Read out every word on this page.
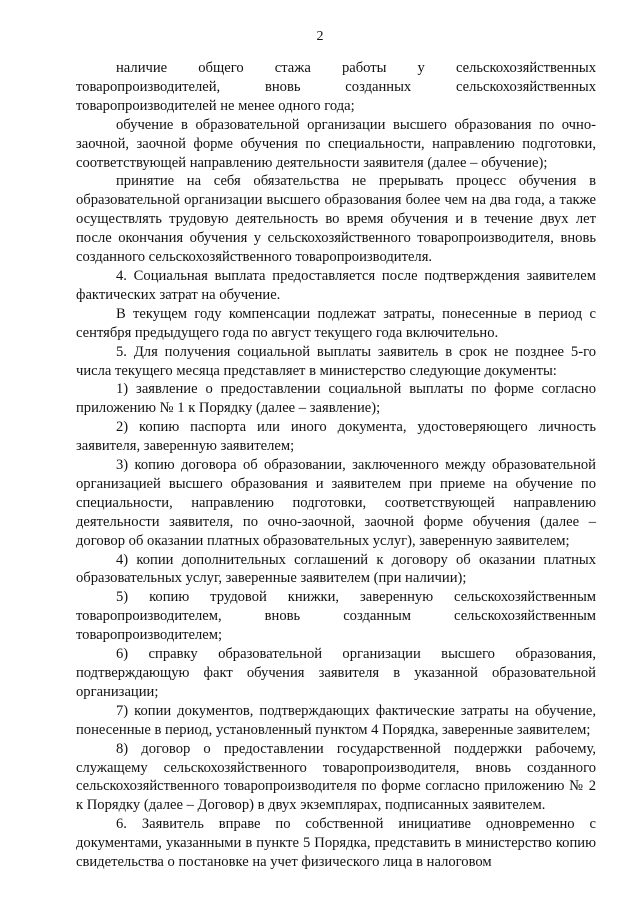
2

наличие общего стажа работы у сельскохозяйственных товаропроизводителей, вновь созданных сельскохозяйственных товаропроизводителей не менее одного года;

обучение в образовательной организации высшего образования по очно-заочной, заочной форме обучения по специальности, направлению подготовки, соответствующей направлению деятельности заявителя (далее – обучение);

принятие на себя обязательства не прерывать процесс обучения в образовательной организации высшего образования более чем на два года, а также осуществлять трудовую деятельность во время обучения и в течение двух лет после окончания обучения у сельскохозяйственного товаропроизводителя, вновь созданного сельскохозяйственного товаропроизводителя.

4. Социальная выплата предоставляется после подтверждения заявителем фактических затрат на обучение.

В текущем году компенсации подлежат затраты, понесенные в период с сентября предыдущего года по август текущего года включительно.

5. Для получения социальной выплаты заявитель в срок не позднее 5-го числа текущего месяца представляет в министерство следующие документы:

1) заявление о предоставлении социальной выплаты по форме согласно приложению № 1 к Порядку (далее – заявление);

2) копию паспорта или иного документа, удостоверяющего личность заявителя, заверенную заявителем;

3) копию договора об образовании, заключенного между образовательной организацией высшего образования и заявителем при приеме на обучение по специальности, направлению подготовки, соответствующей направлению деятельности заявителя, по очно-заочной, заочной форме обучения (далее – договор об оказании платных образовательных услуг), заверенную заявителем;

4) копии дополнительных соглашений к договору об оказании платных образовательных услуг, заверенные заявителем (при наличии);

5) копию трудовой книжки, заверенную сельскохозяйственным товаропроизводителем, вновь созданным сельскохозяйственным товаропроизводителем;

6) справку образовательной организации высшего образования, подтверждающую факт обучения заявителя в указанной образовательной организации;

7) копии документов, подтверждающих фактические затраты на обучение, понесенные в период, установленный пунктом 4 Порядка, заверенные заявителем;

8) договор о предоставлении государственной поддержки рабочему, служащему сельскохозяйственного товаропроизводителя, вновь созданного сельскохозяйственного товаропроизводителя по форме согласно приложению № 2 к Порядку (далее – Договор) в двух экземплярах, подписанных заявителем.

6. Заявитель вправе по собственной инициативе одновременно с документами, указанными в пункте 5 Порядка, представить в министерство копию свидетельства о постановке на учет физического лица в налоговом
